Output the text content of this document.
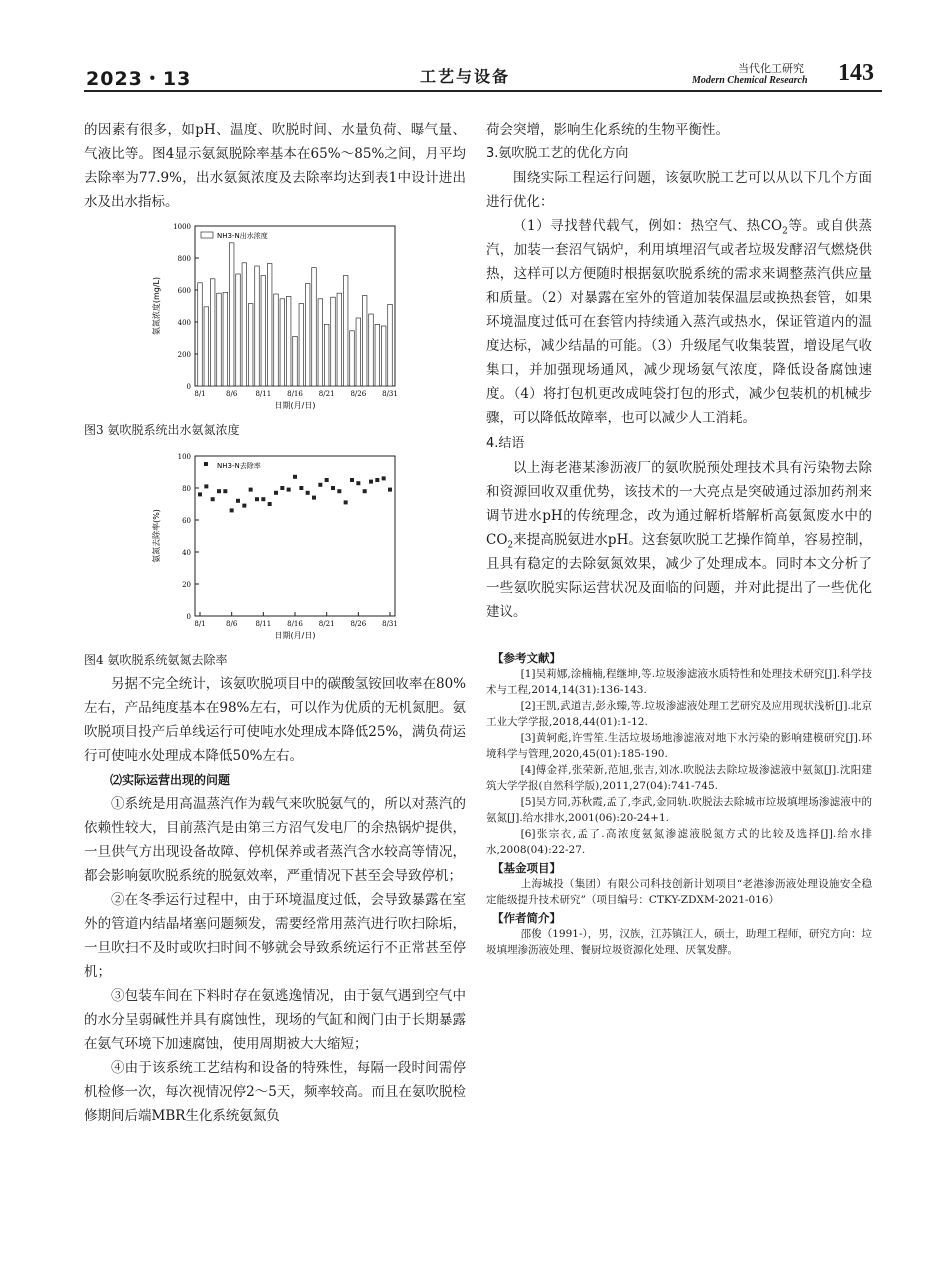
2023・13	工艺与设备	当代化工研究
Modern Chemical Research 143

的因素有很多，如pH、温度、吹脱时间、水量负荷、曝气量、气液比等。图4显示氨氮脱除率基本在65%～85%之间，月平均去除率为77.9%，出水氨氮浓度及去除率均达到表1中设计进出水及出水指标。

0
200
400
600
800
1000
8/1	8/6	8/11 8/16 8/21 8/26 8/31
日期(月/日)
氨氮浓度(mg/L)
NH3-N出水浓度

图3 氨吹脱系统出水氨氮浓度

0
20
40
60
80
100
8/1	8/6	8/11 8/16 8/21 8/26 8/31
日期(月/日)
氨氮去除率(%)
NH3-N去除率

图4 氨吹脱系统氨氮去除率

另据不完全统计，该氨吹脱项目中的碳酸氢铵回收率在80%左右，产品纯度基本在98%左右，可以作为优质的无机氮肥。氨吹脱项目投产后单线运行可使吨水处理成本降低25%，满负荷运行可使吨水处理成本降低50%左右。

⑵实际运营出现的问题

①系统是用高温蒸汽作为载气来吹脱氨气的，所以对蒸汽的依赖性较大，目前蒸汽是由第三方沼气发电厂的余热锅炉提供，一旦供气方出现设备故障、停机保养或者蒸汽含水较高等情况，都会影响氨吹脱系统的脱氨效率，严重情况下甚至会导致停机；

②在冬季运行过程中，由于环境温度过低，会导致暴露在室外的管道内结晶堵塞问题频发，需要经常用蒸汽进行吹扫除垢，一旦吹扫不及时或吹扫时间不够就会导致系统运行不正常甚至停机；

③包装车间在下料时存在氨逃逸情况，由于氨气遇到空气中的水分呈弱碱性并具有腐蚀性，现场的气缸和阀门由于长期暴露在氨气环境下加速腐蚀，使用周期被大大缩短；

④由于该系统工艺结构和设备的特殊性，每隔一段时间需停机检修一次，每次视情况停2～5天，频率较高。而且在氨吹脱检修期间后端MBR生化系统氨氮负

荷会突增，影响生化系统的生物平衡性。

3.氨吹脱工艺的优化方向

围绕实际工程运行问题，该氨吹脱工艺可以从以下几个方面进行优化：

（1）寻找替代载气，例如：热空气、热$CO_2$等。或自供蒸汽，加装一套沼气锅炉，利用填埋沼气或者垃圾发酵沼气燃烧供热，这样可以方便随时根据氨吹脱系统的需求来调整蒸汽供应量和质量。（2）对暴露在室外的管道加装保温层或换热套管，如果环境温度过低可在套管内持续通入蒸汽或热水，保证管道内的温度达标，减少结晶的可能。（3）升级尾气收集装置，增设尾气收集口，并加强现场通风，减少现场氨气浓度，降低设备腐蚀速度。（4）将打包机更改成吨袋打包的形式，减少包装机的机械步骤，可以降低故障率，也可以减少人工消耗。

4.结语

以上海老港某渗沥液厂的氨吹脱预处理技术具有污染物去除和资源回收双重优势，该技术的一大亮点是突破通过添加药剂来调节进水pH的传统理念，改为通过解析塔解析高氨氮废水中的$CO_2$来提高脱氨进水pH。这套氨吹脱工艺操作简单，容易控制，且具有稳定的去除氨氮效果，减少了处理成本。同时本文分析了一些氨吹脱实际运营状况及面临的问题，并对此提出了一些优化建议。

【参考文献】

[1]吴莉娜,涂楠楠,程继坤,等.垃圾渗滤液水质特性和处理技术研究[J].科学技术与工程,2014,14(31):136-143.

[2]王凯,武道吉,彭永臻,等.垃圾渗滤液处理工艺研究及应用现状浅析[J].北京工业大学学报,2018,44(01):1-12.

[3]黄轲彪,许雪笙.生活垃圾场地渗滤液对地下水污染的影响建模研究[J].环境科学与管理,2020,45(01):185-190.

[4]傅金祥,张荣新,范旭,张吉,刘冰.吹脱法去除垃圾渗滤液中氨氮[J].沈阳建筑大学学报(自然科学版),2011,27(04):741-745.

[5]吴方同,苏秋霞,孟了,李武,金同轨.吹脱法去除城市垃圾填埋场渗滤液中的氨氮[J].给水排水,2001(06):20-24+1.

[6]张宗衣,孟了.高浓度氨氮渗滤液脱氮方式的比较及选择[J].给水排水,2008(04):22-27.

【基金项目】

上海城投（集团）有限公司科技创新计划项目“老港渗沥液处理设施安全稳定能级提升技术研究”（项目编号：CTKY-ZDXM-2021-016）

【作者简介】

邵俊（1991-），男，汉族，江苏镇江人，硕士，助理工程师，研究方向：垃圾填埋渗沥液处理、餐厨垃圾资源化处理、厌氧发酵。
